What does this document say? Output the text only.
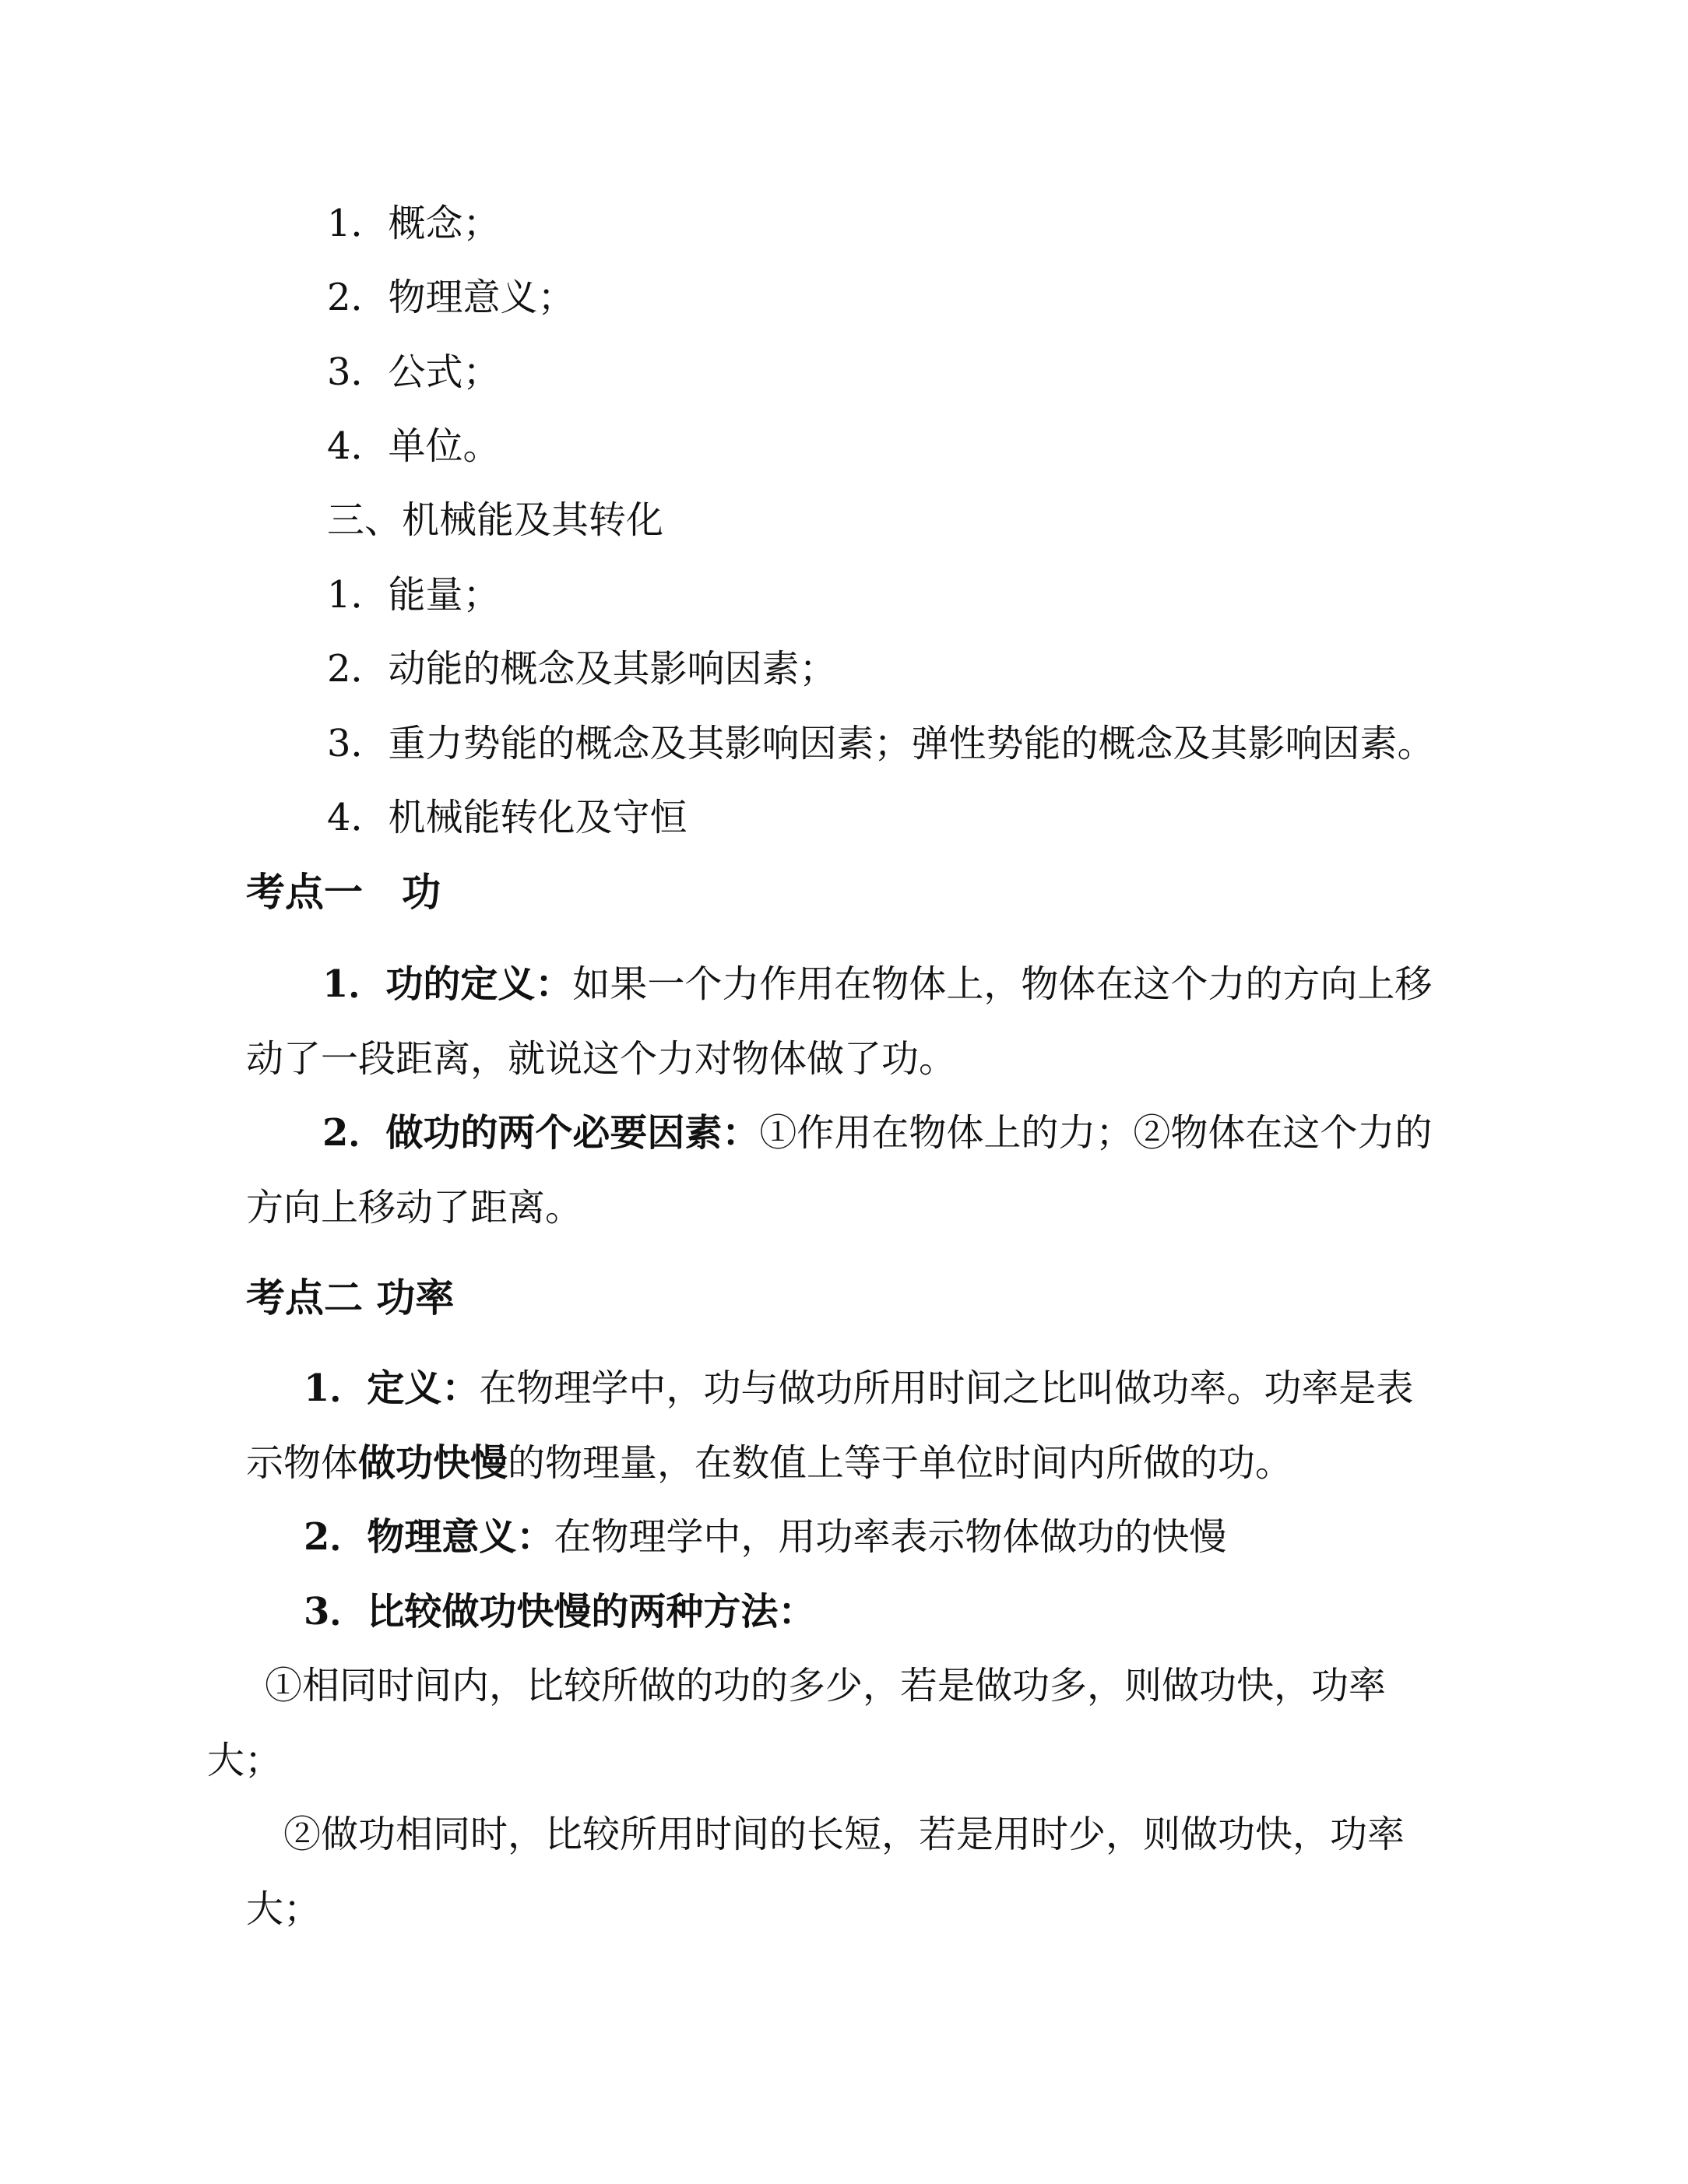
1．概念；
2．物理意义；
3．公式；
4．单位。
三、机械能及其转化
1．能量；
2．动能的概念及其影响因素；
3．重力势能的概念及其影响因素；弹性势能的概念及其影响因素。
4．机械能转化及守恒
考点一　功
1．功的定义：如果一个力作用在物体上，物体在这个力的方向上移
动了一段距离，就说这个力对物体做了功。
2．做功的两个必要因素：①作用在物体上的力；②物体在这个力的
方向上移动了距离。
考点二 功率
1．定义：在物理学中，功与做功所用时间之比叫做功率。功率是表
示物体做功快慢的物理量，在数值上等于单位时间内所做的功。
2．物理意义：在物理学中，用功率表示物体做功的快慢
3．比较做功快慢的两种方法：
①相同时间内，比较所做的功的多少，若是做功多，则做功快，功率
大；
②做功相同时，比较所用时间的长短，若是用时少，则做功快，功率
大；
